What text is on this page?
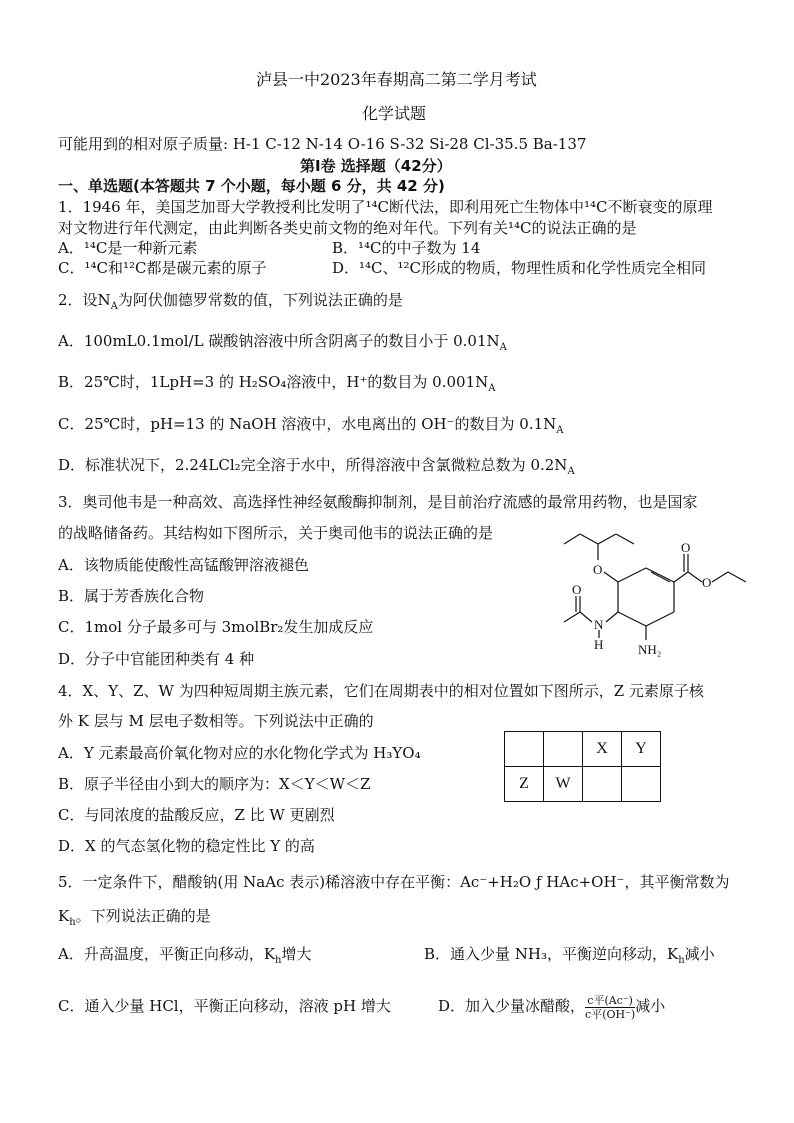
泸县一中2023年春期高二第二学月考试
化学试题
可能用到的相对原子质量: H-1 C-12 N-14 O-16 S-32 Si-28 Cl-35.5 Ba-137
第Ⅰ卷 选择题（42分）
一、单选题(本答题共 7 个小题，每小题 6 分，共 42 分)
1．1946 年，美国芝加哥大学教授利比发明了¹⁴C断代法，即利用死亡生物体中¹⁴C不断衰变的原理
对文物进行年代测定，由此判断各类史前文物的绝对年代。下列有关¹⁴C的说法正确的是
A．¹⁴C是一种新元素	B．¹⁴C的中子数为 14
C．¹⁴C和¹²C都是碳元素的原子	D．¹⁴C、¹²C形成的物质，物理性质和化学性质完全相同
2．设$N_A$为阿伏伽德罗常数的值，下列说法正确的是
A．100mL0.1mol/L 碳酸钠溶液中所含阴离子的数目小于 $0.01N_A$
B．25℃时，1LpH=3 的 H₂SO₄溶液中，H⁺的数目为 $0.001N_A$
C．25℃时，pH=13 的 NaOH 溶液中，水电离出的 OH⁻的数目为 $0.1N_A$
D．标准状况下，2.24LCl₂完全溶于水中，所得溶液中含氯微粒总数为 $0.2N_A$
3．奥司他韦是一种高效、高选择性神经氨酸酶抑制剂，是目前治疗流感的最常用药物，也是国家
的战略储备药。其结构如下图所示，关于奥司他韦的说法正确的是
A．该物质能使酸性高锰酸钾溶液褪色
B．属于芳香族化合物
C．1mol 分子最多可与 3molBr₂发生加成反应
D．分子中官能团种类有 4 种
O
O
O
O
N
H	NH₂
4．X、Y、Z、W 为四种短周期主族元素，它们在周期表中的相对位置如下图所示，Z 元素原子核
外 K 层与 M 层电子数相等。下列说法中正确的
A．Y 元素最高价氧化物对应的水化物化学式为 H₃YO₄
B．原子半径由小到大的顺序为：X＜Y＜W＜Z
C．与同浓度的盐酸反应，Z 比 W 更剧烈
D．X 的气态氢化物的稳定性比 Y 的高
		X	Y
Z	W		
5．一定条件下，醋酸钠(用 NaAc 表示)稀溶液中存在平衡：Ac⁻+H₂O ƒ HAc+OH⁻，其平衡常数为
$K_h$。下列说法正确的是
A．升高温度，平衡正向移动，$K_h$增大	B．通入少量 NH₃，平衡逆向移动，$K_h$减小
C．通入少量 HCl，平衡正向移动，溶液 pH 增大	D．加入少量冰醋酸， $\frac{\text{c平(Ac⁻)}}{\text{c平(OH⁻)}}$ 减小
